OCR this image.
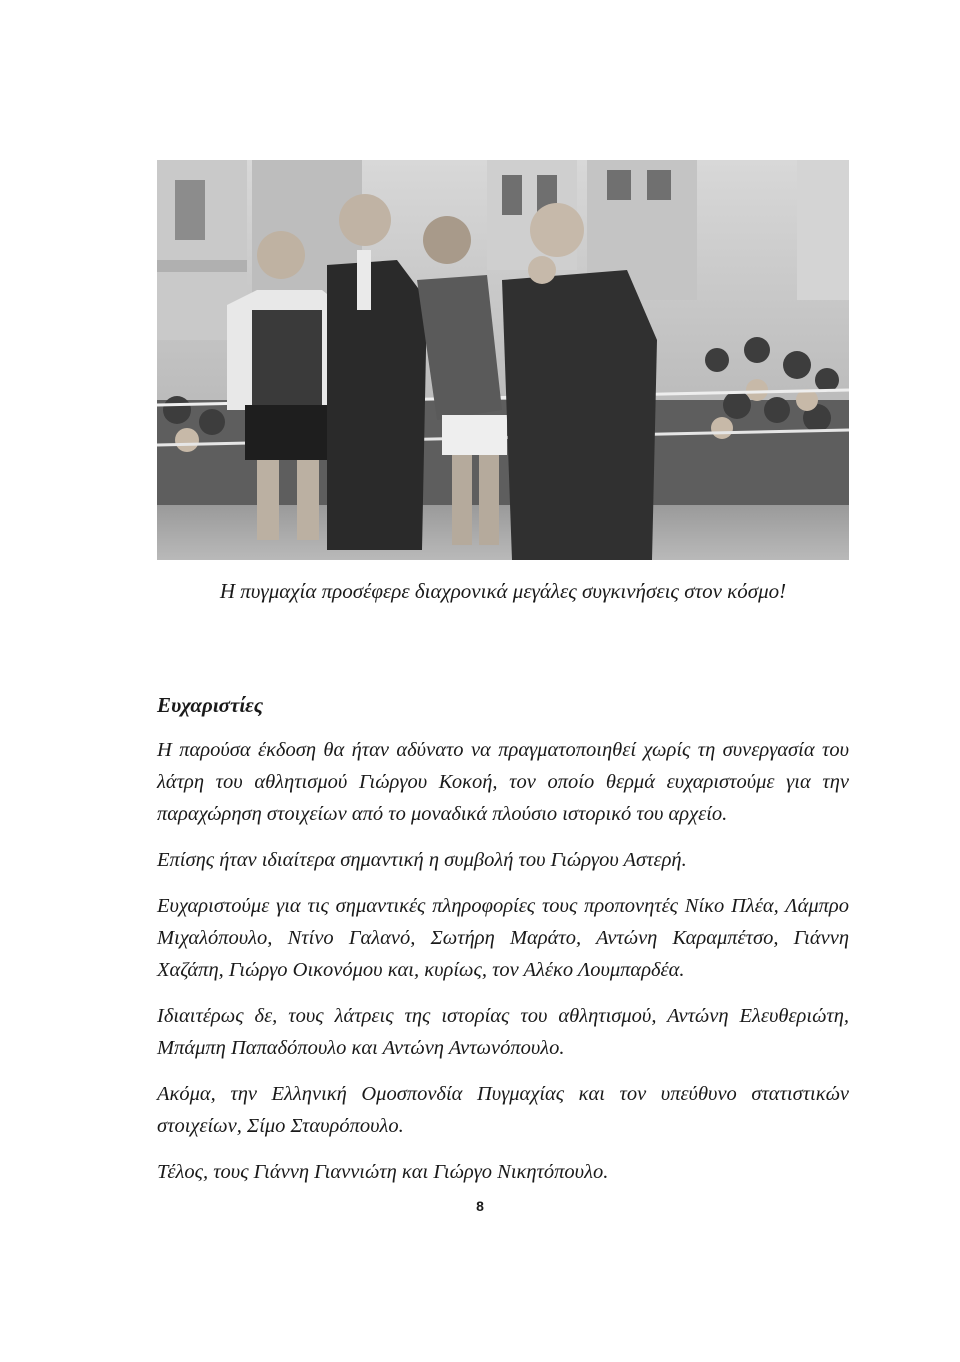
Η πυγμαχία προσέφερε διαχρονικά μεγάλες συγκινήσεις στον κόσμο!
Ευχαριστίες

Η παρούσα έκδοση θα ήταν αδύνατο να πραγματοποιηθεί χωρίς τη συνεργασία του λάτρη του αθλητισμού Γιώργου Κοκοή, τον οποίο θερμά ευχαριστούμε για την παραχώρηση στοιχείων από το μοναδικά πλούσιο ιστορικό του αρχείο.

Επίσης ήταν ιδιαίτερα σημαντική η συμβολή του Γιώργου Αστερή.

Ευχαριστούμε για τις σημαντικές πληροφορίες τους προπονητές Νίκο Πλέα, Λάμπρο Μιχαλόπουλο, Ντίνο Γαλανό, Σωτήρη Μαράτο, Αντώνη Καραμπέτσο, Γιάννη Χαζάπη, Γιώργο Οικονόμου και, κυρίως, τον Αλέκο Λουμπαρδέα.

Ιδιαιτέρως δε, τους λάτρεις της ιστορίας του αθλητισμού, Αντώνη Ελευθεριώτη, Μπάμπη Παπαδόπουλο και Αντώνη Αντωνόπουλο.

Ακόμα, την Ελληνική Ομοσπονδία Πυγμαχίας και τον υπεύθυνο στατιστικών στοιχείων, Σίμο Σταυρόπουλο.

Τέλος, τους Γιάννη Γιαννιώτη και Γιώργο Νικητόπουλο.

8
